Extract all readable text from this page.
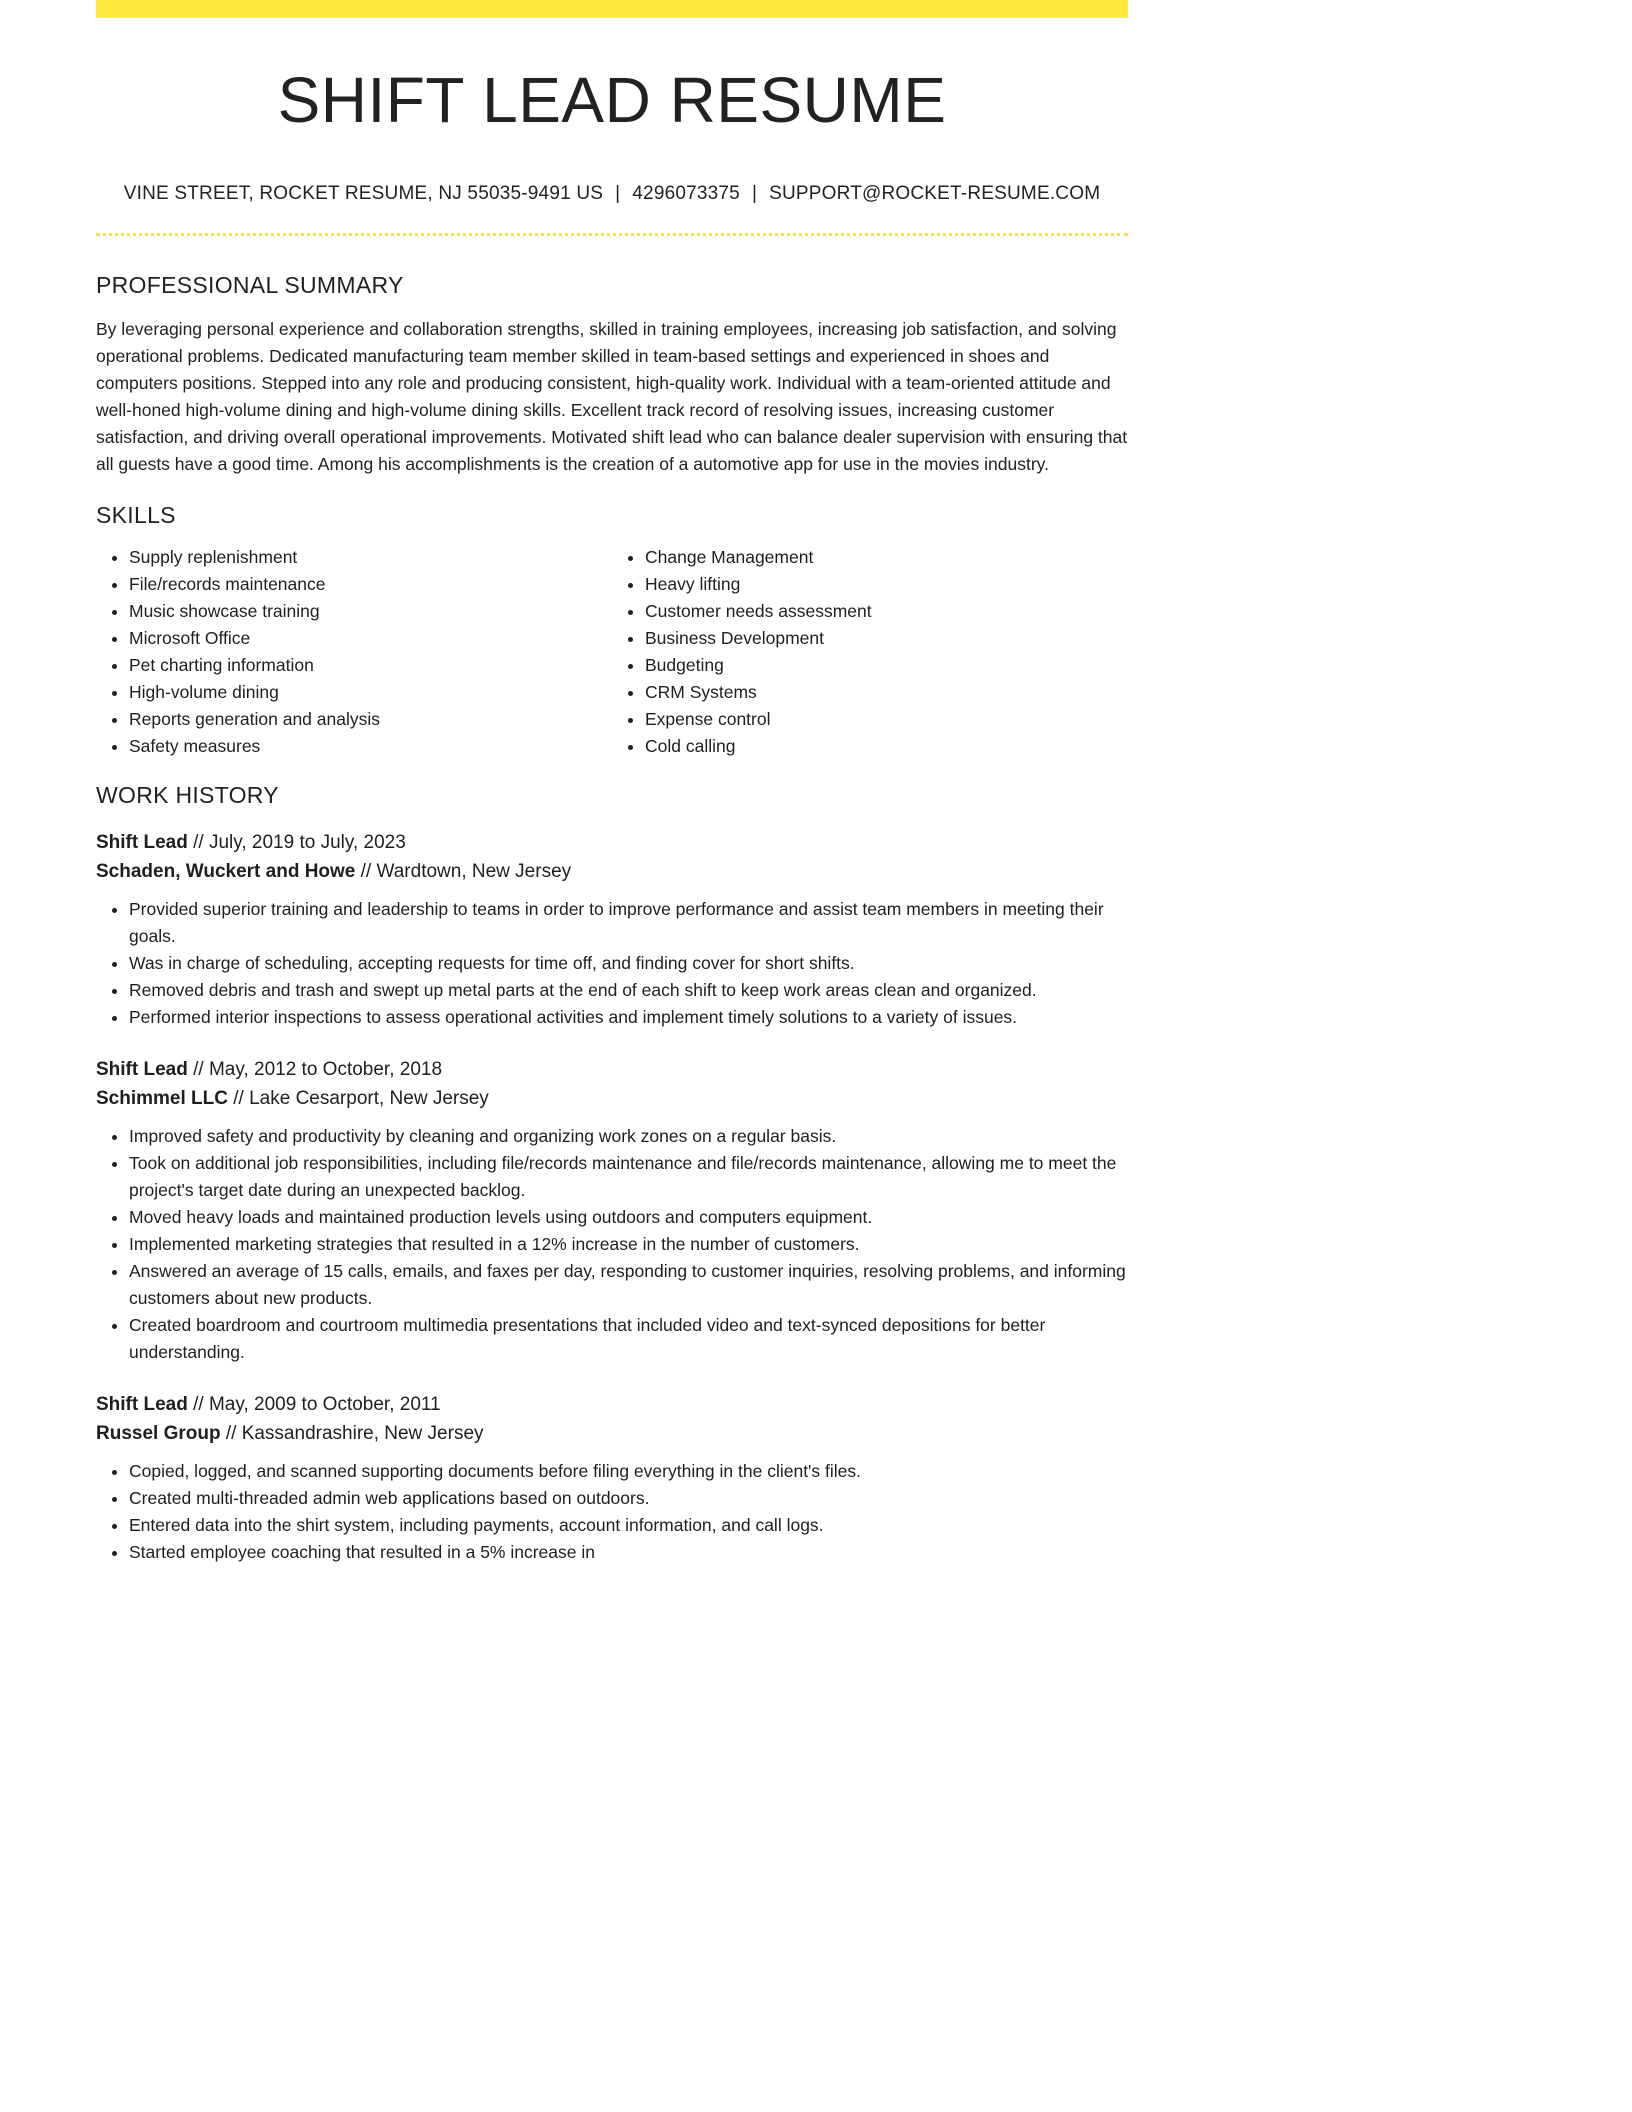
SHIFT LEAD RESUME
VINE STREET, ROCKET RESUME, NJ 55035-9491 US | 4296073375 | SUPPORT@ROCKET-RESUME.COM
PROFESSIONAL SUMMARY

By leveraging personal experience and collaboration strengths, skilled in training employees, increasing job satisfaction, and solving operational problems. Dedicated manufacturing team member skilled in team-based settings and experienced in shoes and computers positions. Stepped into any role and producing consistent, high-quality work. Individual with a team-oriented attitude and well-honed high-volume dining and high-volume dining skills. Excellent track record of resolving issues, increasing customer satisfaction, and driving overall operational improvements. Motivated shift lead who can balance dealer supervision with ensuring that all guests have a good time. Among his accomplishments is the creation of a automotive app for use in the movies industry.

SKILLS
• Supply replenishment
• File/records maintenance
• Music showcase training
• Microsoft Office
• Pet charting information
• High-volume dining
• Reports generation and analysis
• Safety measures
• Change Management
• Heavy lifting
• Customer needs assessment
• Business Development
• Budgeting
• CRM Systems
• Expense control
• Cold calling
WORK HISTORY
Shift Lead // July, 2019 to July, 2023
Schaden, Wuckert and Howe // Wardtown, New Jersey
• Provided superior training and leadership to teams in order to improve performance and assist team members in meeting their goals.
• Was in charge of scheduling, accepting requests for time off, and finding cover for short shifts.
• Removed debris and trash and swept up metal parts at the end of each shift to keep work areas clean and organized.
• Performed interior inspections to assess operational activities and implement timely solutions to a variety of issues.
Shift Lead // May, 2012 to October, 2018
Schimmel LLC // Lake Cesarport, New Jersey
• Improved safety and productivity by cleaning and organizing work zones on a regular basis.
• Took on additional job responsibilities, including file/records maintenance and file/records maintenance, allowing me to meet the project's target date during an unexpected backlog.
• Moved heavy loads and maintained production levels using outdoors and computers equipment.
• Implemented marketing strategies that resulted in a 12% increase in the number of customers.
• Answered an average of 15 calls, emails, and faxes per day, responding to customer inquiries, resolving problems, and informing customers about new products.
• Created boardroom and courtroom multimedia presentations that included video and text-synced depositions for better understanding.
Shift Lead // May, 2009 to October, 2011
Russel Group // Kassandrashire, New Jersey
• Copied, logged, and scanned supporting documents before filing everything in the client's files.
• Created multi-threaded admin web applications based on outdoors.
• Entered data into the shirt system, including payments, account information, and call logs.
• Started employee coaching that resulted in a 5% increase in
